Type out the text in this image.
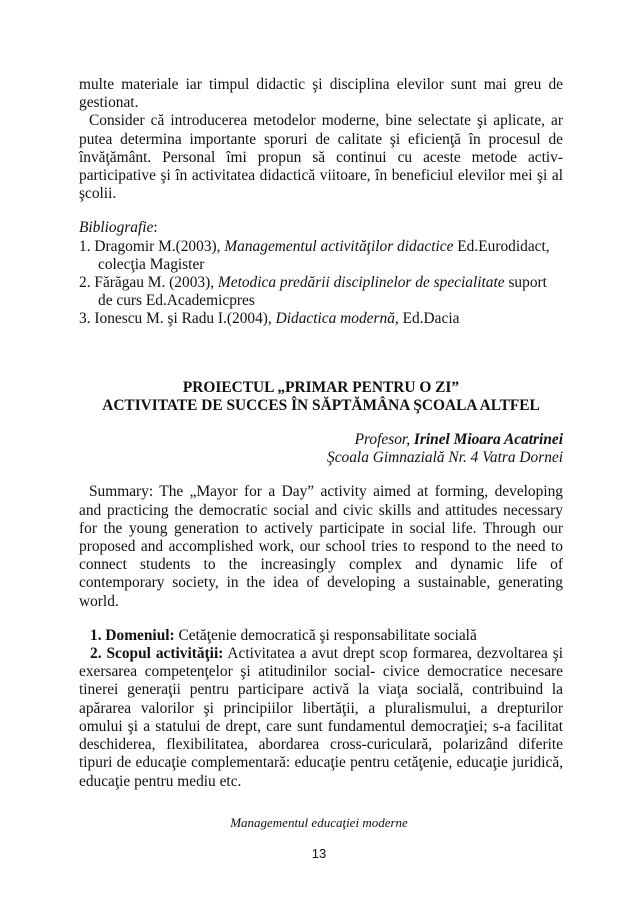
multe materiale iar timpul didactic şi disciplina elevilor sunt mai greu de gestionat.

Consider că introducerea metodelor moderne, bine selectate şi aplicate, ar putea determina importante sporuri de calitate şi eficienţă în procesul de învăţământ. Personal îmi propun să continui cu aceste metode activ-participative şi în activitatea didactică viitoare, în beneficiul elevilor mei şi al şcolii.

Bibliografie:

1. Dragomir M.(2003), Managementul activităţilor didactice Ed.Eurodidact, colecţia Magister

2. Fărăgau M. (2003), Metodica predării disciplinelor de specialitate suport de curs Ed.Academicpres

3. Ionescu M. şi Radu I.(2004), Didactica modernă, Ed.Dacia

PROIECTUL „PRIMAR PENTRU O ZI”

ACTIVITATE DE SUCCES ÎN SĂPTĂMÂNA ŞCOALA ALTFEL

Profesor, Irinel Mioara Acatrinei

Şcoala Gimnazială Nr. 4 Vatra Dornei

Summary: The „Mayor for a Day” activity aimed at forming, developing and practicing the democratic social and civic skills and attitudes necessary for the young generation to actively participate in social life. Through our proposed and accomplished work, our school tries to respond to the need to connect students to the increasingly complex and dynamic life of contemporary society, in the idea of developing a sustainable, generating world.

1. Domeniul: Cetăţenie democratică şi responsabilitate socială

2. Scopul activităţii: Activitatea a avut drept scop formarea, dezvoltarea şi exersarea competenţelor şi atitudinilor social- civice democratice necesare tinerei generaţii pentru participare activă la viaţa socială, contribuind la apărarea valorilor şi principiilor libertăţii, a pluralismului, a drepturilor omului şi a statului de drept, care sunt fundamentul democraţiei; s-a facilitat deschiderea, flexibilitatea, abordarea cross-curiculară, polarizând diferite tipuri de educaţie complementară: educaţie pentru cetăţenie, educaţie juridică, educaţie pentru mediu etc.

Managementul educaţiei moderne
13
